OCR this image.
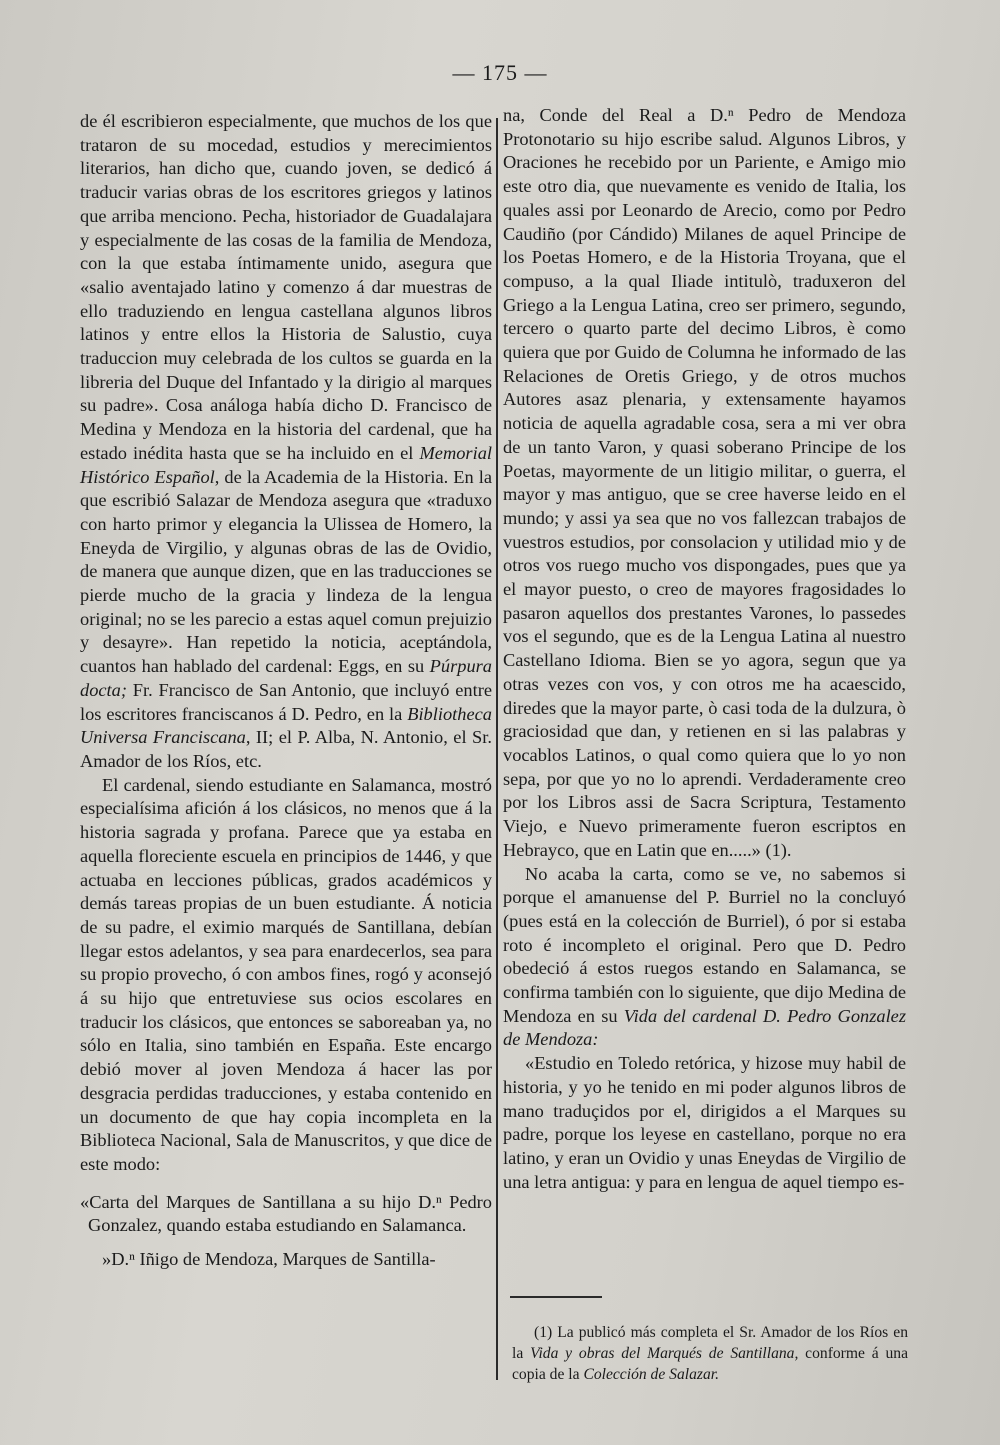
— 175 —

de él escribieron especialmente, que muchos de los que trataron de su mocedad, estudios y merecimientos literarios, han dicho que, cuando joven, se dedicó á traducir varias obras de los escritores griegos y latinos que arriba menciono. Pecha, historiador de Guadalajara y especialmente de las cosas de la familia de Mendoza, con la que estaba íntimamente unido, asegura que «salio aventajado latino y comenzo á dar muestras de ello traduziendo en lengua castellana algunos libros latinos y entre ellos la Historia de Salustio, cuya traduccion muy celebrada de los cultos se guarda en la libreria del Duque del Infantado y la dirigio al marques su padre». Cosa análoga había dicho D. Francisco de Medina y Mendoza en la historia del cardenal, que ha estado inédita hasta que se ha incluido en el Memorial Histórico Español, de la Academia de la Historia. En la que escribió Salazar de Mendoza asegura que «traduxo con harto primor y elegancia la Ulissea de Homero, la Eneyda de Virgilio, y algunas obras de las de Ovidio, de manera que aunque dizen, que en las traducciones se pierde mucho de la gracia y lindeza de la lengua original; no se les parecio a estas aquel comun prejuizio y desayre». Han repetido la noticia, aceptándola, cuantos han hablado del cardenal: Eggs, en su Púrpura docta; Fr. Francisco de San Antonio, que incluyó entre los escritores franciscanos á D. Pedro, en la Bibliotheca Universa Franciscana, II; el P. Alba, N. Antonio, el Sr. Amador de los Ríos, etc.

El cardenal, siendo estudiante en Salamanca, mostró especialísima afición á los clásicos, no menos que á la historia sagrada y profana. Parece que ya estaba en aquella floreciente escuela en principios de 1446, y que actuaba en lecciones públicas, grados académicos y demás tareas propias de un buen estudiante. Á noticia de su padre, el eximio marqués de Santillana, debían llegar estos adelantos, y sea para enardecerlos, sea para su propio provecho, ó con ambos fines, rogó y aconsejó á su hijo que entretuviese sus ocios escolares en traducir los clásicos, que entonces se saboreaban ya, no sólo en Italia, sino también en España. Este encargo debió mover al joven Mendoza á hacer las por desgracia perdidas traducciones, y estaba contenido en un documento de que hay copia incompleta en la Biblioteca Nacional, Sala de Manuscritos, y que dice de este modo:

«Carta del Marques de Santillana a su hijo D.ⁿ Pedro Gonzalez, quando estaba estudiando en Salamanca.

»D.ⁿ Iñigo de Mendoza, Marques de Santilla-

na, Conde del Real a D.ⁿ Pedro de Mendoza Protonotario su hijo escribe salud. Algunos Libros, y Oraciones he recebido por un Pariente, e Amigo mio este otro dia, que nuevamente es venido de Italia, los quales assi por Leonardo de Arecio, como por Pedro Caudiño (por Cándido) Milanes de aquel Principe de los Poetas Homero, e de la Historia Troyana, que el compuso, a la qual Iliade intitulò, traduxeron del Griego a la Lengua Latina, creo ser primero, segundo, tercero o quarto parte del decimo Libros, è como quiera que por Guido de Columna he informado de las Relaciones de Oretis Griego, y de otros muchos Autores asaz plenaria, y extensamente hayamos noticia de aquella agradable cosa, sera a mi ver obra de un tanto Varon, y quasi soberano Principe de los Poetas, mayormente de un litigio militar, o guerra, el mayor y mas antiguo, que se cree haverse leido en el mundo; y assi ya sea que no vos fallezcan trabajos de vuestros estudios, por consolacion y utilidad mio y de otros vos ruego mucho vos dispongades, pues que ya el mayor puesto, o creo de mayores fragosidades lo pasaron aquellos dos prestantes Varones, lo passedes vos el segundo, que es de la Lengua Latina al nuestro Castellano Idioma. Bien se yo agora, segun que ya otras vezes con vos, y con otros me ha acaescido, diredes que la mayor parte, ò casi toda de la dulzura, ò graciosidad que dan, y retienen en si las palabras y vocablos Latinos, o qual como quiera que lo yo non sepa, por que yo no lo aprendi. Verdaderamente creo por los Libros assi de Sacra Scriptura, Testamento Viejo, e Nuevo primeramente fueron escriptos en Hebrayco, que en Latin que en.....» (1).

No acaba la carta, como se ve, no sabemos si porque el amanuense del P. Burriel no la concluyó (pues está en la colección de Burriel), ó por si estaba roto é incompleto el original. Pero que D. Pedro obedeció á estos ruegos estando en Salamanca, se confirma también con lo siguiente, que dijo Medina de Mendoza en su Vida del cardenal D. Pedro Gonzalez de Mendoza:

«Estudio en Toledo retórica, y hizose muy habil de historia, y yo he tenido en mi poder algunos libros de mano traduçidos por el, dirigidos a el Marques su padre, porque los leyese en castellano, porque no era latino, y eran un Ovidio y unas Eneydas de Virgilio de una letra antigua: y para en lengua de aquel tiempo es-

(1) La publicó más completa el Sr. Amador de los Ríos en la Vida y obras del Marqués de Santillana, conforme á una copia de la Colección de Salazar.
